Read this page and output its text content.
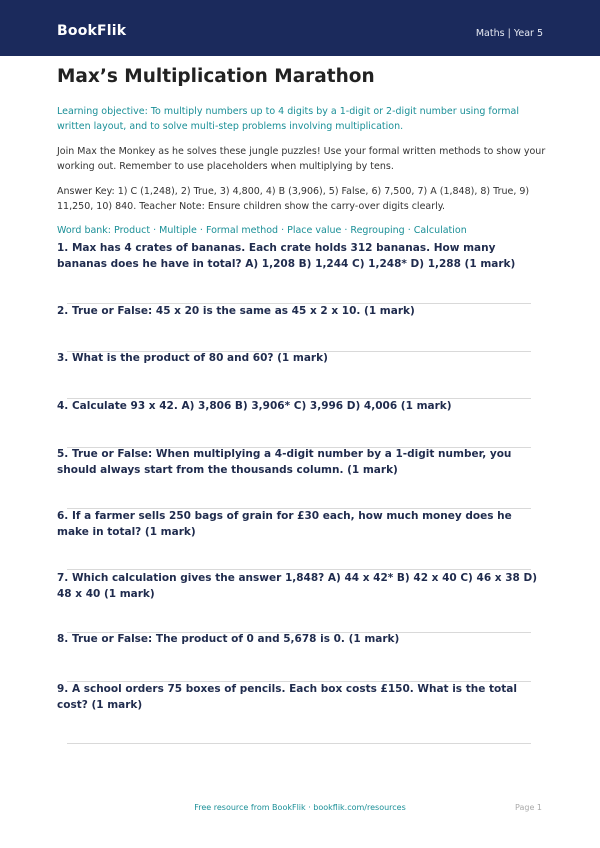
BookFlik	Maths | Year 5
Max’s Multiplication Marathon

Learning objective: To multiply numbers up to 4 digits by a 1-digit or 2-digit number using formal written layout, and to solve multi-step problems involving multiplication.

Join Max the Monkey as he solves these jungle puzzles! Use your formal written methods to show your working out. Remember to use placeholders when multiplying by tens.

Answer Key: 1) C (1,248), 2) True, 3) 4,800, 4) B (3,906), 5) False, 6) 7,500, 7) A (1,848), 8) True, 9) 11,250, 10) 840. Teacher Note: Ensure children show the carry-over digits clearly.

Word bank: Product · Multiple · Formal method · Place value · Regrouping · Calculation

1. Max has 4 crates of bananas. Each crate holds 312 bananas. How many bananas does he have in total? A) 1,208 B) 1,244 C) 1,248* D) 1,288 (1 mark)
2. True or False: 45 x 20 is the same as 45 x 2 x 10. (1 mark)
3. What is the product of 80 and 60? (1 mark)
4. Calculate 93 x 42. A) 3,806 B) 3,906* C) 3,996 D) 4,006 (1 mark)
5. True or False: When multiplying a 4-digit number by a 1-digit number, you should always start from the thousands column. (1 mark)
6. If a farmer sells 250 bags of grain for £30 each, how much money does he make in total? (1 mark)
7. Which calculation gives the answer 1,848? A) 44 x 42* B) 42 x 40 C) 46 x 38 D) 48 x 40 (1 mark)
8. True or False: The product of 0 and 5,678 is 0. (1 mark)
9. A school orders 75 boxes of pencils. Each box costs £150. What is the total cost? (1 mark)
Free resource from BookFlik · bookflik.com/resources	Page 1
